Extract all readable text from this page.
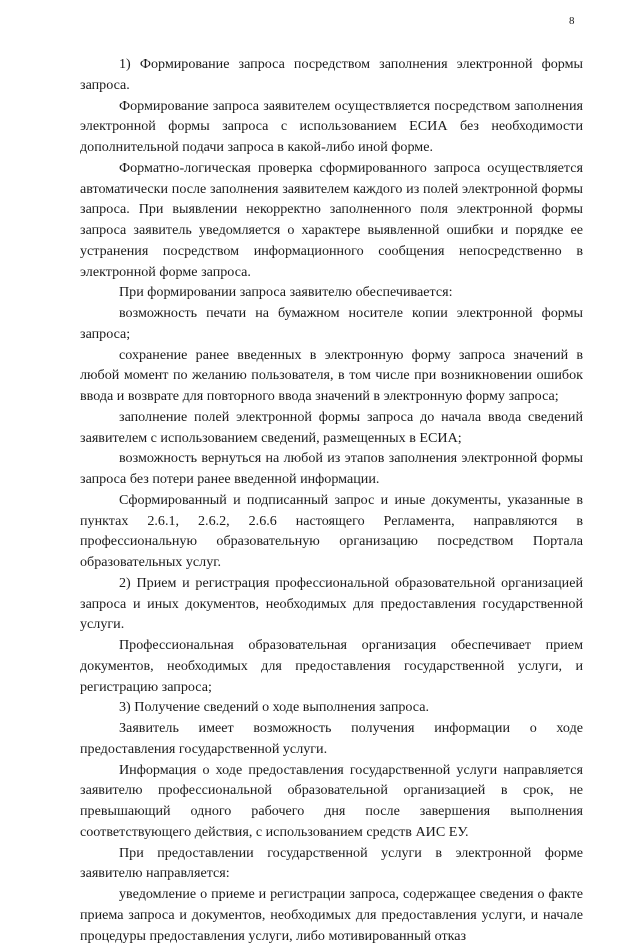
8

1) Формирование запроса посредством заполнения электронной формы запроса.

Формирование запроса заявителем осуществляется посредством заполнения электронной формы запроса с использованием ЕСИА без необходимости дополнительной подачи запроса в какой-либо иной форме.

Форматно-логическая проверка сформированного запроса осуществляется автоматически после заполнения заявителем каждого из полей электронной формы запроса. При выявлении некорректно заполненного поля электронной формы запроса заявитель уведомляется о характере выявленной ошибки и порядке ее устранения посредством информационного сообщения непосредственно в электронной форме запроса.

При формировании запроса заявителю обеспечивается:

возможность печати на бумажном носителе копии электронной формы запроса;

сохранение ранее введенных в электронную форму запроса значений в любой момент по желанию пользователя, в том числе при возникновении ошибок ввода и возврате для повторного ввода значений в электронную форму запроса;

заполнение полей электронной формы запроса до начала ввода сведений заявителем с использованием сведений, размещенных в ЕСИА;

возможность вернуться на любой из этапов заполнения электронной формы запроса без потери ранее введенной информации.

Сформированный и подписанный запрос и иные документы, указанные в пунктах 2.6.1, 2.6.2, 2.6.6 настоящего Регламента, направляются в профессиональную образовательную организацию посредством Портала образовательных услуг.

2) Прием и регистрация профессиональной образовательной организацией запроса и иных документов, необходимых для предоставления государственной услуги.

Профессиональная образовательная организация обеспечивает прием документов, необходимых для предоставления государственной услуги, и регистрацию запроса;

3) Получение сведений о ходе выполнения запроса.

Заявитель имеет возможность получения информации о ходе предоставления государственной услуги.

Информация о ходе предоставления государственной услуги направляется заявителю профессиональной образовательной организацией в срок, не превышающий одного рабочего дня после завершения выполнения соответствующего действия, с использованием средств АИС ЕУ.

При предоставлении государственной услуги в электронной форме заявителю направляется:

уведомление о приеме и регистрации запроса, содержащее сведения о факте приема запроса и документов, необходимых для предоставления услуги, и начале процедуры предоставления услуги, либо мотивированный отказ
